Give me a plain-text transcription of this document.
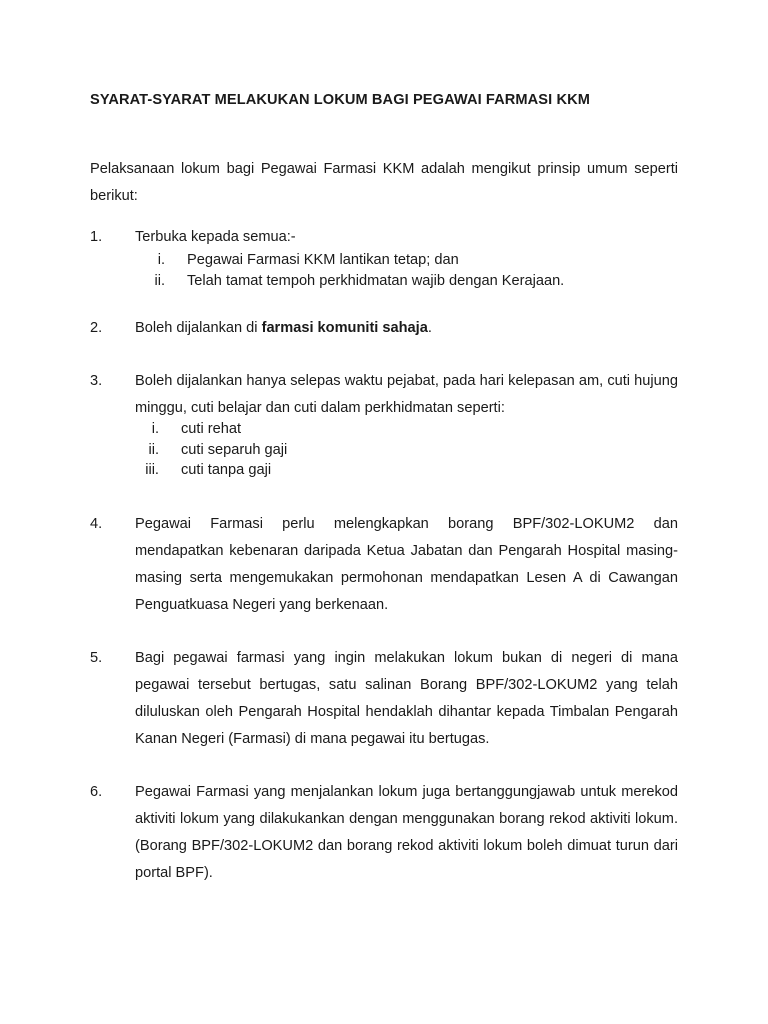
SYARAT-SYARAT MELAKUKAN LOKUM BAGI PEGAWAI FARMASI KKM
Pelaksanaan lokum bagi Pegawai Farmasi KKM adalah mengikut prinsip umum seperti berikut:
1. Terbuka kepada semua:-
i. Pegawai Farmasi KKM lantikan tetap; dan
ii. Telah tamat tempoh perkhidmatan wajib dengan Kerajaan.
2. Boleh dijalankan di farmasi komuniti sahaja.
3. Boleh dijalankan hanya selepas waktu pejabat, pada hari kelepasan am, cuti hujung minggu, cuti belajar dan cuti dalam perkhidmatan seperti:
i. cuti rehat
ii. cuti separuh gaji
iii. cuti tanpa gaji
4. Pegawai Farmasi perlu melengkapkan borang BPF/302-LOKUM2 dan mendapatkan kebenaran daripada Ketua Jabatan dan Pengarah Hospital masing-masing serta mengemukakan permohonan mendapatkan Lesen A di Cawangan Penguatkuasa Negeri yang berkenaan.
5. Bagi pegawai farmasi yang ingin melakukan lokum bukan di negeri di mana pegawai tersebut bertugas, satu salinan Borang BPF/302-LOKUM2 yang telah diluluskan oleh Pengarah Hospital hendaklah dihantar kepada Timbalan Pengarah Kanan Negeri (Farmasi) di mana pegawai itu bertugas.
6. Pegawai Farmasi yang menjalankan lokum juga bertanggungjawab untuk merekod aktiviti lokum yang dilakukankan dengan menggunakan borang rekod aktiviti lokum. (Borang BPF/302-LOKUM2 dan borang rekod aktiviti lokum boleh dimuat turun dari portal BPF).
